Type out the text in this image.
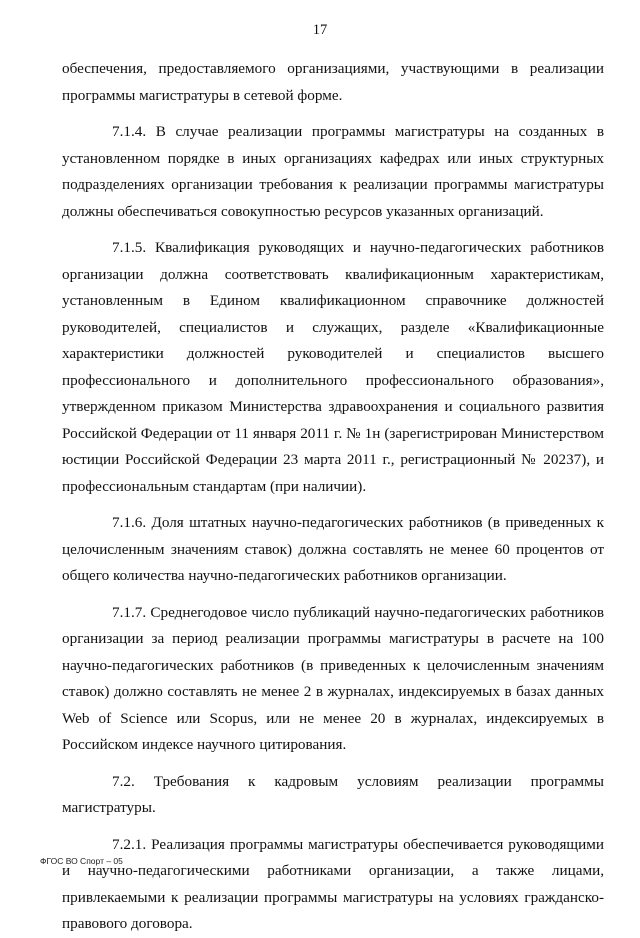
17

обеспечения, предоставляемого организациями, участвующими в реализации программы магистратуры в сетевой форме.

7.1.4. В случае реализации программы магистратуры на созданных в установленном порядке в иных организациях кафедрах или иных структурных подразделениях организации требования к реализации программы магистратуры должны обеспечиваться совокупностью ресурсов указанных организаций.

7.1.5. Квалификация руководящих и научно-педагогических работников организации должна соответствовать квалификационным характеристикам, установленным в Едином квалификационном справочнике должностей руководителей, специалистов и служащих, разделе «Квалификационные характеристики должностей руководителей и специалистов высшего профессионального и дополнительного профессионального образования», утвержденном приказом Министерства здравоохранения и социального развития Российской Федерации от 11 января 2011 г. № 1н (зарегистрирован Министерством юстиции Российской Федерации 23 марта 2011 г., регистрационный № 20237), и профессиональным стандартам (при наличии).

7.1.6. Доля штатных научно-педагогических работников (в приведенных к целочисленным значениям ставок) должна составлять не менее 60 процентов от общего количества научно-педагогических работников организации.

7.1.7. Среднегодовое число публикаций научно-педагогических работников организации за период реализации программы магистратуры в расчете на 100 научно-педагогических работников (в приведенных к целочисленным значениям ставок) должно составлять не менее 2 в журналах, индексируемых в базах данных Web of Science или Scopus, или не менее 20 в журналах, индексируемых в Российском индексе научного цитирования.

7.2. Требования к кадровым условиям реализации программы магистратуры.

7.2.1. Реализация программы магистратуры обеспечивается руководящими и научно-педагогическими работниками организации, а также лицами, привлекаемыми к реализации программы магистратуры на условиях гражданско-правового договора.

ФГОС ВО Спорт – 05
